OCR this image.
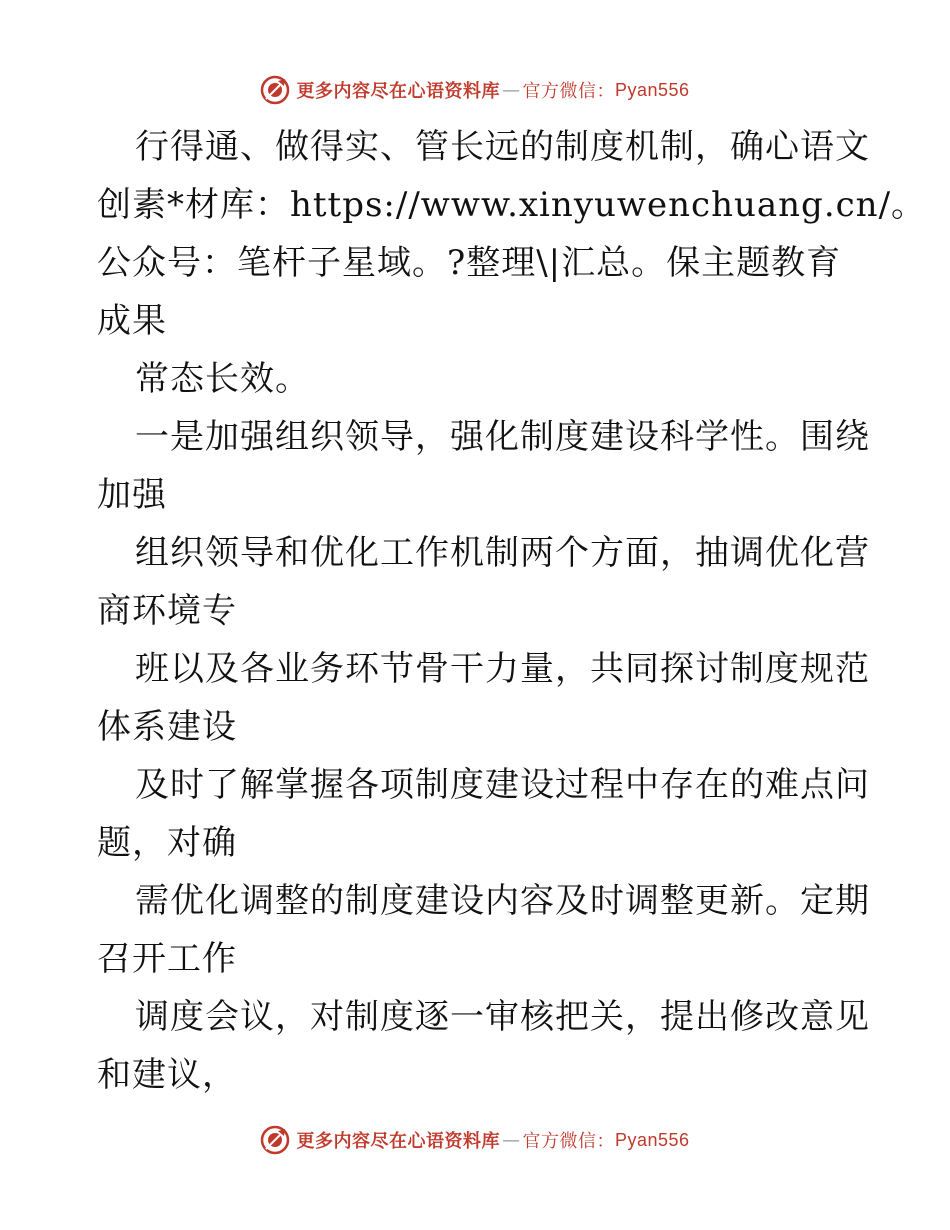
更多内容尽在心语资料库 — 官方微信： Pyan556
行得通、做得实、管长远的制度机制，确心语文
创素*材库：https://www.xinyuwenchuang.cn/。
公众号：笔杆子星域。?整理\|汇总。保主题教育
成果
常态长效。
一是加强组织领导，强化制度建设科学性。围绕
加强
组织领导和优化工作机制两个方面，抽调优化营
商环境专
班以及各业务环节骨干力量，共同探讨制度规范
体系建设
及时了解掌握各项制度建设过程中存在的难点问
题，对确
需优化调整的制度建设内容及时调整更新。定期
召开工作
调度会议，对制度逐一审核把关，提出修改意见
和建议，
更多内容尽在心语资料库 — 官方微信： Pyan556
